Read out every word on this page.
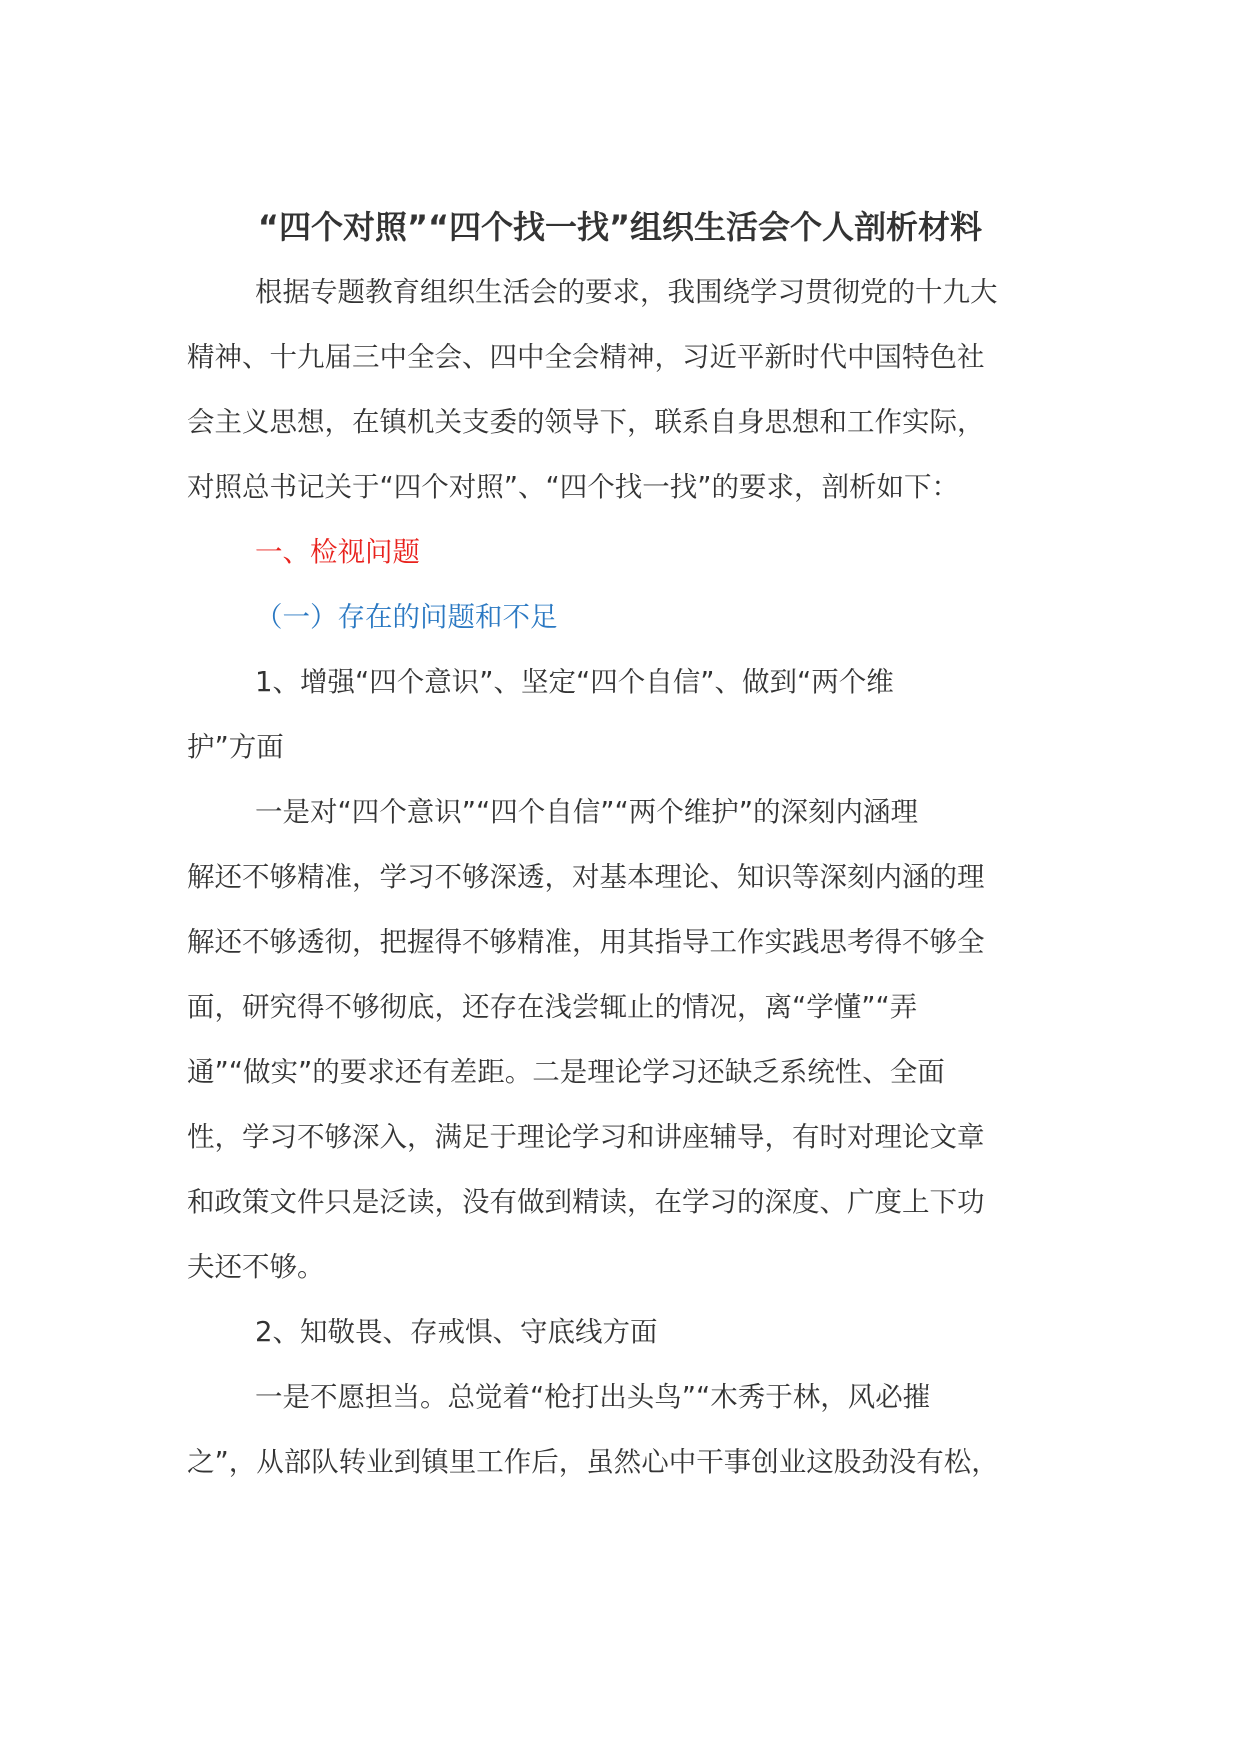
“四个对照”“四个找一找”组织生活会个人剖析材料
根据专题教育组织生活会的要求，我围绕学习贯彻党的十九大
精神、十九届三中全会、四中全会精神，习近平新时代中国特色社
会主义思想，在镇机关支委的领导下，联系自身思想和工作实际，
对照总书记关于“四个对照”、“四个找一找”的要求，剖析如下：
一、检视问题
（一）存在的问题和不足
1、增强“四个意识”、坚定“四个自信”、做到“两个维
护”方面
一是对“四个意识”“四个自信”“两个维护”的深刻内涵理
解还不够精准，学习不够深透，对基本理论、知识等深刻内涵的理
解还不够透彻，把握得不够精准，用其指导工作实践思考得不够全
面，研究得不够彻底，还存在浅尝辄止的情况，离“学懂”“弄
通”“做实”的要求还有差距。二是理论学习还缺乏系统性、全面
性，学习不够深入，满足于理论学习和讲座辅导，有时对理论文章
和政策文件只是泛读，没有做到精读，在学习的深度、广度上下功
夫还不够。
2、知敬畏、存戒惧、守底线方面
一是不愿担当。总觉着“枪打出头鸟”“木秀于林，风必摧
之”，从部队转业到镇里工作后，虽然心中干事创业这股劲没有松，
